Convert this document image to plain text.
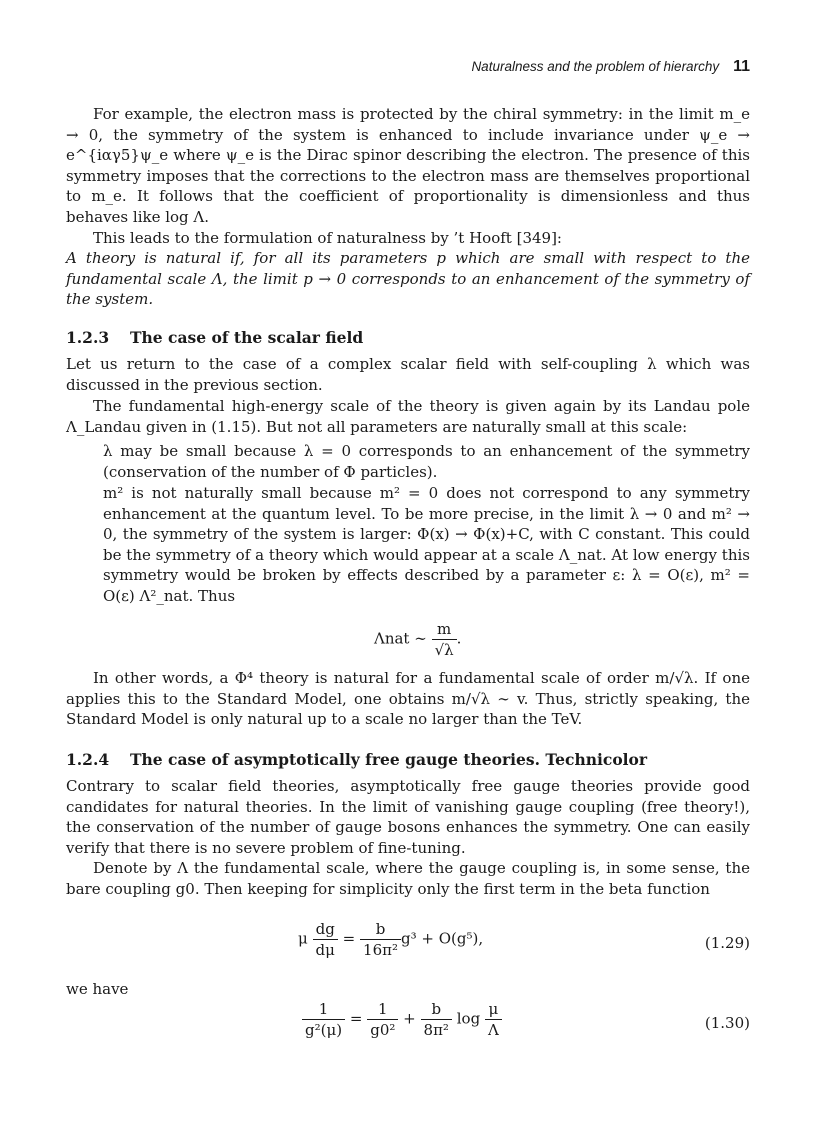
Naturalness and the problem of hierarchy 11
For example, the electron mass is protected by the chiral symmetry: in the limit m_e → 0, the symmetry of the system is enhanced to include invariance under ψ_e → e^{iαγ5}ψ_e where ψ_e is the Dirac spinor describing the electron. The presence of this symmetry imposes that the corrections to the electron mass are themselves proportional to m_e. It follows that the coefficient of proportionality is dimensionless and thus behaves like log Λ.
This leads to the formulation of naturalness by ’t Hooft [349]:
A theory is natural if, for all its parameters p which are small with respect to the fundamental scale Λ, the limit p → 0 corresponds to an enhancement of the symmetry of the system.
1.2.3 The case of the scalar field
Let us return to the case of a complex scalar field with self-coupling λ which was discussed in the previous section.
The fundamental high-energy scale of the theory is given again by its Landau pole Λ_Landau given in (1.15). But not all parameters are naturally small at this scale:
λ may be small because λ = 0 corresponds to an enhancement of the symmetry (conservation of the number of Φ particles).
m² is not naturally small because m² = 0 does not correspond to any symmetry enhancement at the quantum level. To be more precise, in the limit λ → 0 and m² → 0, the symmetry of the system is larger: Φ(x) → Φ(x)+C, with C constant. This could be the symmetry of a theory which would appear at a scale Λ_nat. At low energy this symmetry would be broken by effects described by a parameter ε: λ = O(ε), m² = O(ε) Λ²_nat. Thus
Λnat ∼ $\frac{m}{√\lambda}$ .
In other words, a Φ⁴ theory is natural for a fundamental scale of order m/√λ. If one applies this to the Standard Model, one obtains m/√λ ∼ v. Thus, strictly speaking, the Standard Model is only natural up to a scale no larger than the TeV.
1.2.4 The case of asymptotically free gauge theories. Technicolor
Contrary to scalar field theories, asymptotically free gauge theories provide good candidates for natural theories. In the limit of vanishing gauge coupling (free theory!), the conservation of the number of gauge bosons enhances the symmetry. One can easily verify that there is no severe problem of fine-tuning.
Denote by Λ the fundamental scale, where the gauge coupling is, in some sense, the bare coupling g0. Then keeping for simplicity only the first term in the beta function
μ $\frac{dg}{d\mu} = \frac{b}{\text{16π²}} g^3 + O(g^5)$,	(1.29)
we have
$\frac{1}{\text{g²(μ)}} = \frac{1}{\text{g0²}} + \frac{b}{\text{8π²}}$ $\log \frac{\mu}{\Lambda}$	(1.30)
